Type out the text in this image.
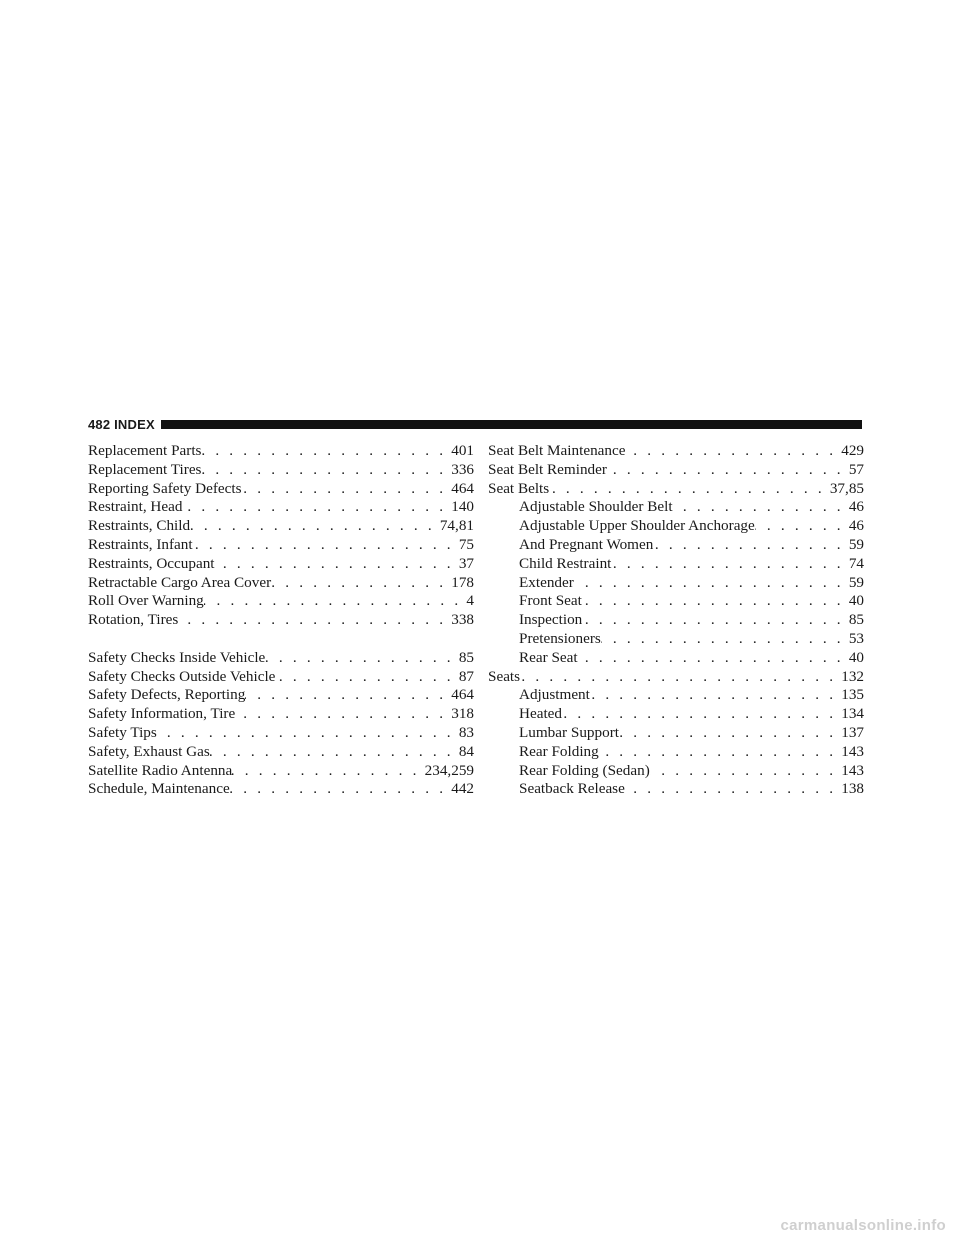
482 INDEX
Replacement Parts . . .	401
Replacement Tires . . .	336
Reporting Safety Defects . . .	464
Restraint, Head . . .	140
Restraints, Child . . .	74,81
Restraints, Infant . . .	75
Restraints, Occupant . . .	37
Retractable Cargo Area Cover . . .	178
Roll Over Warning . . .	4
Rotation, Tires . . .	338
Safety Checks Inside Vehicle . . .	85
Safety Checks Outside Vehicle . . .	87
Safety Defects, Reporting . . .	464
Safety Information, Tire . . .	318
Safety Tips . . .	83
Safety, Exhaust Gas . . .	84
Satellite Radio Antenna . . .	234,259
Schedule, Maintenance . . .	442
Seat Belt Maintenance . . .	429
Seat Belt Reminder . . .	57
Seat Belts . . .	37,85
Adjustable Shoulder Belt . . .	46
Adjustable Upper Shoulder Anchorage . . .	46
And Pregnant Women . . .	59
Child Restraint . . .	74
Extender . . .	59
Front Seat . . .	40
Inspection . . .	85
Pretensioners . . .	53
Rear Seat . . .	40
Seats . . .	132
Adjustment . . .	135
Heated . . .	134
Lumbar Support . . .	137
Rear Folding . . .	143
Rear Folding (Sedan) . . .	143
Seatback Release . . .	138
carmanualsonline.info
